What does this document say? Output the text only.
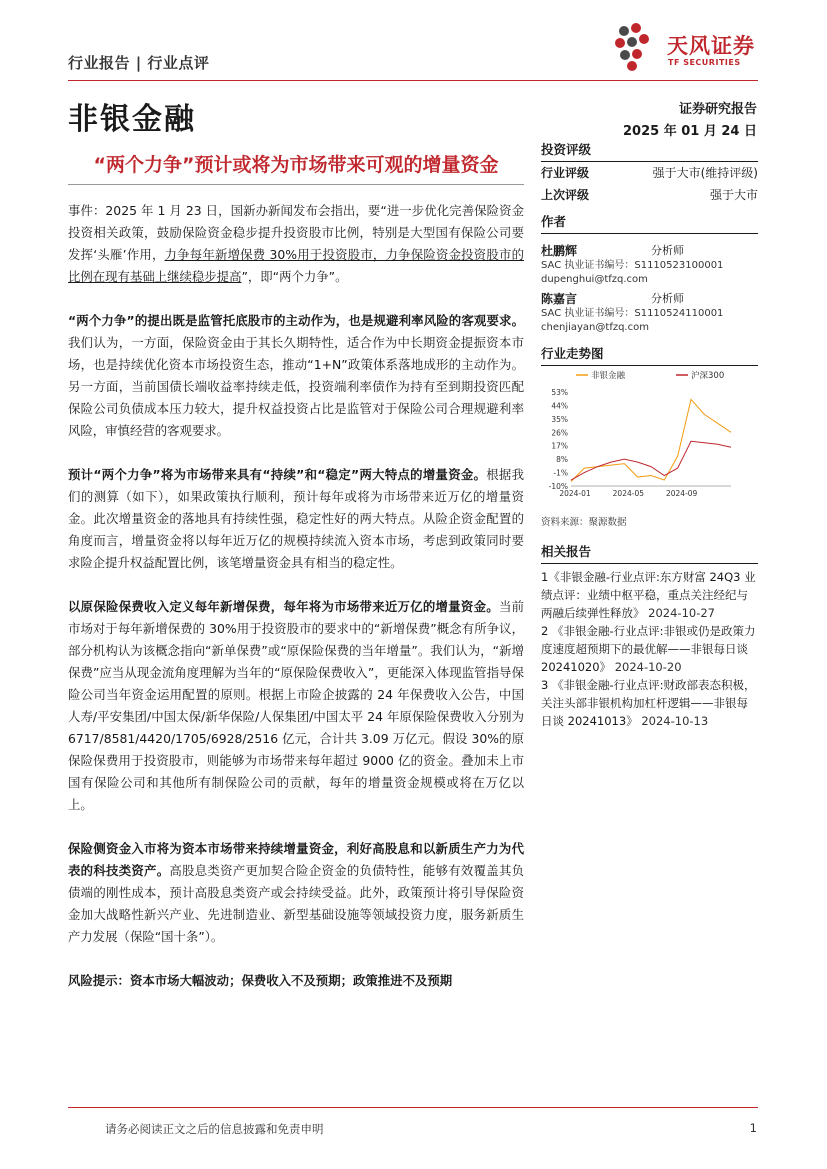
行业报告 | 行业点评
天风证券
TF SECURITIES
非银金融	证券研究报告
2025 年 01 月 24 日
“两个力争”预计或将为市场带来可观的增量资金

事件：2025 年 1 月 23 日，国新办新闻发布会指出，要“进一步优化完善保险资金投资相关政策，鼓励保险资金稳步提升投资股市比例，特别是大型国有保险公司要发挥‘头雁’作用，力争每年新增保费 30%用于投资股市，力争保险资金投资股市的比例在现有基础上继续稳步提高”，即“两个力争”。

“两个力争”的提出既是监管托底股市的主动作为，也是规避利率风险的客观要求。我们认为，一方面，保险资金由于其长久期特性，适合作为中长期资金提振资本市场，也是持续优化资本市场投资生态，推动“1+N”政策体系落地成形的主动作为。另一方面，当前国债长端收益率持续走低，投资端利率债作为持有至到期投资匹配保险公司负债成本压力较大，提升权益投资占比是监管对于保险公司合理规避利率风险，审慎经营的客观要求。

预计“两个力争”将为市场带来具有“持续”和“稳定”两大特点的增量资金。根据我们的测算（如下），如果政策执行顺利，预计每年或将为市场带来近万亿的增量资金。此次增量资金的落地具有持续性强，稳定性好的两大特点。从险企资金配置的角度而言，增量资金将以每年近万亿的规模持续流入资本市场，考虑到政策同时要求险企提升权益配置比例，该笔增量资金具有相当的稳定性。

以原保险保费收入定义每年新增保费，每年将为市场带来近万亿的增量资金。当前市场对于每年新增保费的 30%用于投资股市的要求中的“新增保费”概念有所争议，部分机构认为该概念指向“新单保费”或“原保险保费的当年增量”。我们认为，“新增保费”应当从现金流角度理解为当年的“原保险保费收入”，更能深入体现监管指导保险公司当年资金运用配置的原则。根据上市险企披露的 24 年保费收入公告，中国人寿/平安集团/中国太保/新华保险/人保集团/中国太平 24 年原保险保费收入分别为 6717/8581/4420/1705/6928/2516 亿元，合计共 3.09 万亿元。假设 30%的原保险保费用于投资股市，则能够为市场带来每年超过 9000 亿的资金。叠加未上市国有保险公司和其他所有制保险公司的贡献，每年的增量资金规模或将在万亿以上。

保险侧资金入市将为资本市场带来持续增量资金，利好高股息和以新质生产力为代表的科技类资产。高股息类资产更加契合险企资金的负债特性，能够有效覆盖其负债端的刚性成本，预计高股息类资产或会持续受益。此外，政策预计将引导保险资金加大战略性新兴产业、先进制造业、新型基础设施等领域投资力度，服务新质生产力发展（保险“国十条”）。

风险提示：资本市场大幅波动；保费收入不及预期；政策推进不及预期

投资评级
行业评级	强于大市(维持评级)
上次评级	强于大市
作者
杜鹏辉	分析师
SAC 执业证书编号：S1110523100001
dupenghui@tfzq.com
陈嘉言	分析师
SAC 执业证书编号：S1110524110001
chenjiayan@tfzq.com
行业走势图
53%
44%
35%
26%
17%
8%
-1%
-10%
2024-01	2024-05	2024-09
非银金融	沪深300
资料来源：聚源数据
相关报告
1《非银金融-行业点评:东方财富 24Q3 业绩点评：业绩中枢平稳，重点关注经纪与两融后续弹性释放》 2024-10-27
2 《非银金融-行业点评:非银或仍是政策力度速度超预期下的最优解——非银每日谈 20241020》 2024-10-20
3 《非银金融-行业点评:财政部表态积极，关注头部非银机构加杠杆逻辑——非银每日谈 20241013》 2024-10-13
请务必阅读正文之后的信息披露和免责申明	1
